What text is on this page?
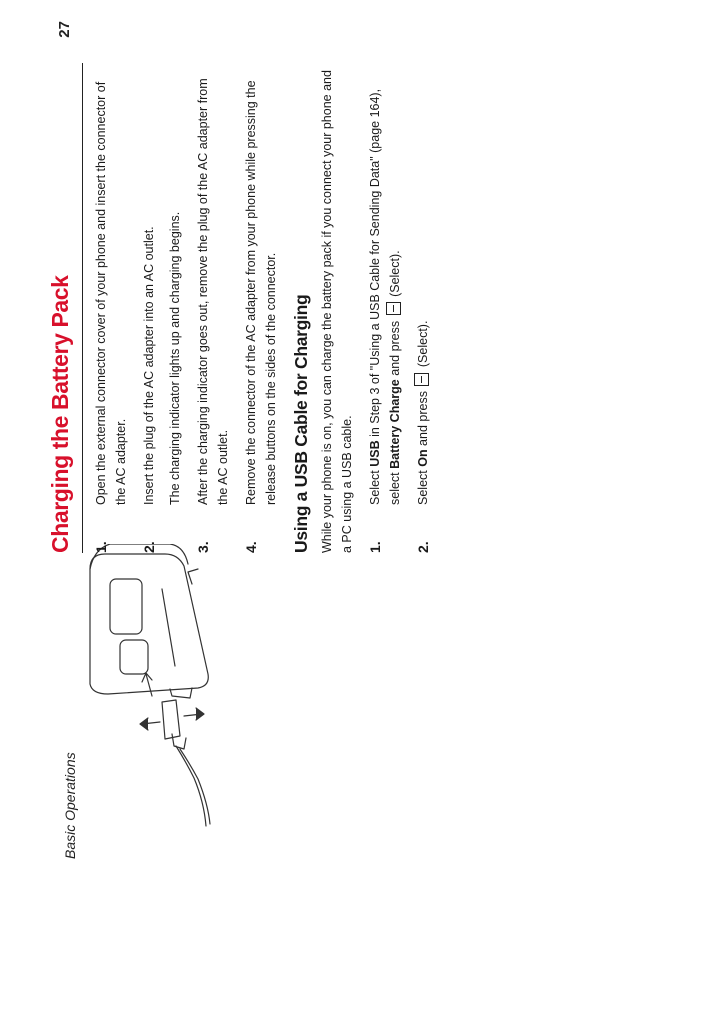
Basic Operations
27
Charging the Battery Pack 1.
Open the external connector cover of your phone and insert the connector of the AC adapter.
2.
Insert the plug of the AC adapter into an AC outlet. The charging indicator lights up and charging begins.
3.
After the charging indicator goes out, remove the plug of the AC adapter from the AC outlet.
4.
Remove the connector of the AC adapter from your phone while pressing the release buttons on the sides of the connector. Using a USB Cable for Charging While your phone is on, you can charge the battery pack if you connect your phone and a PC using a USB cable. 1.
Select USB in Step 3 of "Using a USB Cable for Sending Data" (page 164), select Battery Charge and press  (Select).
2.
Select On and press  (Select).
